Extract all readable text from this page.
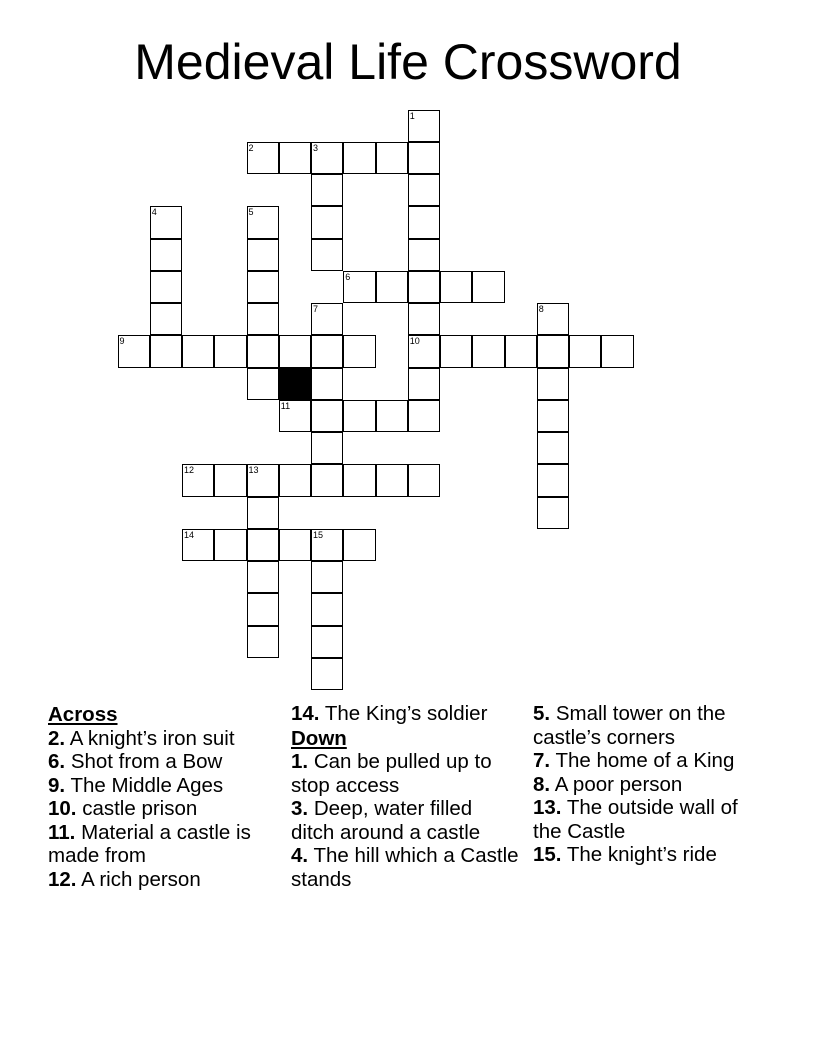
Medieval Life Crossword
1
2	3
4	5
6
7	8
9	10
11
12	13
14	15
Across
2. A knight’s iron suit
6. Shot from a Bow
9. The Middle Ages
10. castle prison
11. Material a castle is made from
12. A rich person
14. The King’s soldier
Down
1. Can be pulled up to stop access
3. Deep, water filled ditch around a castle
4. The hill which a Castle stands
5. Small tower on the castle’s corners
7. The home of a King
8. A poor person
13. The outside wall of the Castle
15. The knight’s ride
